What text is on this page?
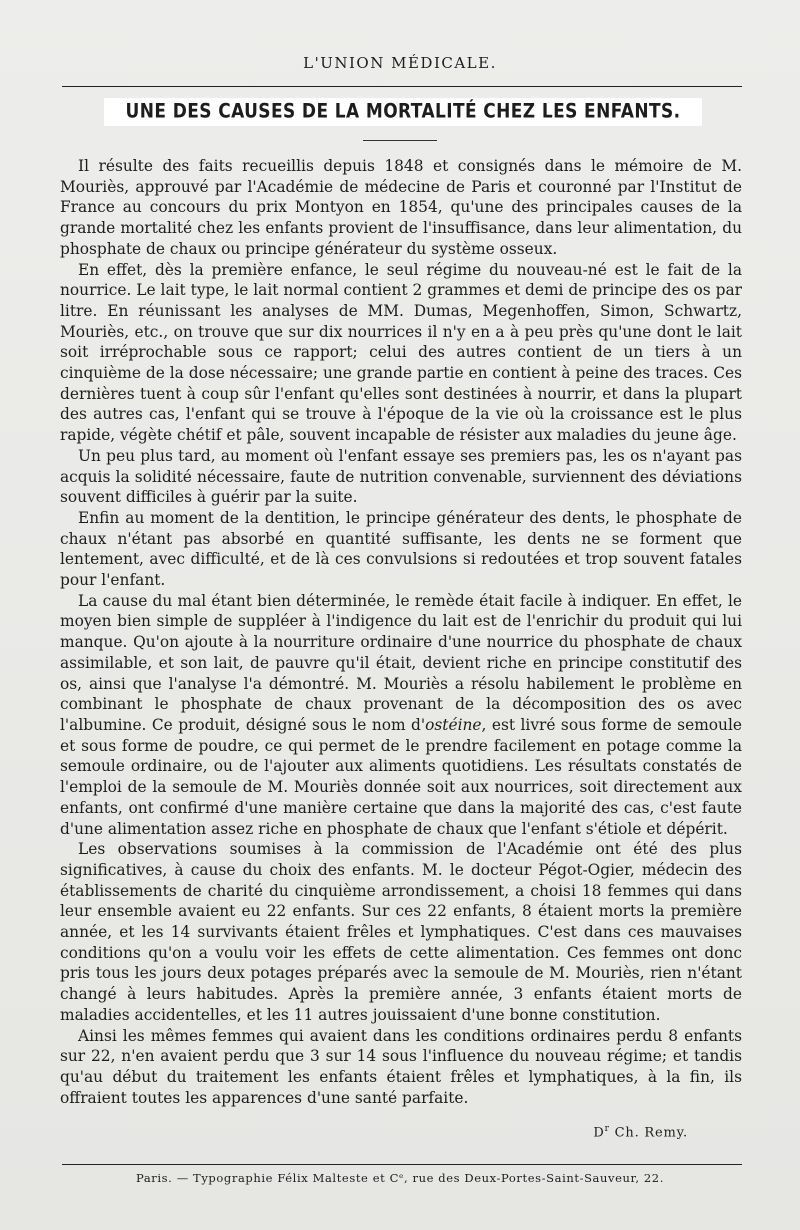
L'UNION MÉDICALE.
UNE DES CAUSES DE LA MORTALITÉ CHEZ LES ENFANTS.

Il résulte des faits recueillis depuis 1848 et consignés dans le mémoire de M. Mouriès, approuvé par l'Académie de médecine de Paris et couronné par l'Institut de France au concours du prix Montyon en 1854, qu'une des principales causes de la grande mortalité chez les enfants provient de l'insuffisance, dans leur alimentation, du phosphate de chaux ou principe générateur du système osseux.

En effet, dès la première enfance, le seul régime du nouveau-né est le fait de la nourrice. Le lait type, le lait normal contient 2 grammes et demi de principe des os par litre. En réunissant les analyses de MM. Dumas, Megenhoffen, Simon, Schwartz, Mouriès, etc., on trouve que sur dix nourrices il n'y en a à peu près qu'une dont le lait soit irréprochable sous ce rapport; celui des autres contient de un tiers à un cinquième de la dose nécessaire; une grande partie en contient à peine des traces. Ces dernières tuent à coup sûr l'enfant qu'elles sont destinées à nourrir, et dans la plupart des autres cas, l'enfant qui se trouve à l'époque de la vie où la croissance est le plus rapide, végète chétif et pâle, souvent incapable de résister aux maladies du jeune âge.

Un peu plus tard, au moment où l'enfant essaye ses premiers pas, les os n'ayant pas acquis la solidité nécessaire, faute de nutrition convenable, surviennent des déviations souvent difficiles à guérir par la suite.

Enfin au moment de la dentition, le principe générateur des dents, le phosphate de chaux n'étant pas absorbé en quantité suffisante, les dents ne se forment que lentement, avec difficulté, et de là ces convulsions si redoutées et trop souvent fatales pour l'enfant.

La cause du mal étant bien déterminée, le remède était facile à indiquer. En effet, le moyen bien simple de suppléer à l'indigence du lait est de l'enrichir du produit qui lui manque. Qu'on ajoute à la nourriture ordinaire d'une nourrice du phosphate de chaux assimilable, et son lait, de pauvre qu'il était, devient riche en principe constitutif des os, ainsi que l'analyse l'a démontré. M. Mouriès a résolu habilement le problème en combinant le phosphate de chaux provenant de la décomposition des os avec l'albumine. Ce produit, désigné sous le nom d'ostéine, est livré sous forme de semoule et sous forme de poudre, ce qui permet de le prendre facilement en potage comme la semoule ordinaire, ou de l'ajouter aux aliments quotidiens. Les résultats constatés de l'emploi de la semoule de M. Mouriès donnée soit aux nourrices, soit directement aux enfants, ont confirmé d'une manière certaine que dans la majorité des cas, c'est faute d'une alimentation assez riche en phosphate de chaux que l'enfant s'étiole et dépérit.

Les observations soumises à la commission de l'Académie ont été des plus significatives, à cause du choix des enfants. M. le docteur Pégot-Ogier, médecin des établissements de charité du cinquième arrondissement, a choisi 18 femmes qui dans leur ensemble avaient eu 22 enfants. Sur ces 22 enfants, 8 étaient morts la première année, et les 14 survivants étaient frêles et lymphatiques. C'est dans ces mauvaises conditions qu'on a voulu voir les effets de cette alimentation. Ces femmes ont donc pris tous les jours deux potages préparés avec la semoule de M. Mouriès, rien n'étant changé à leurs habitudes. Après la première année, 3 enfants étaient morts de maladies accidentelles, et les 11 autres jouissaient d'une bonne constitution.

Ainsi les mêmes femmes qui avaient dans les conditions ordinaires perdu 8 enfants sur 22, n'en avaient perdu que 3 sur 14 sous l'influence du nouveau régime; et tandis qu'au début du traitement les enfants étaient frêles et lymphatiques, à la fin, ils offraient toutes les apparences d'une santé parfaite.

$D^r$ Ch. Remy.
Paris. — Typographie Félix Malteste et Cᵉ, rue des Deux-Portes-Saint-Sauveur, 22.
